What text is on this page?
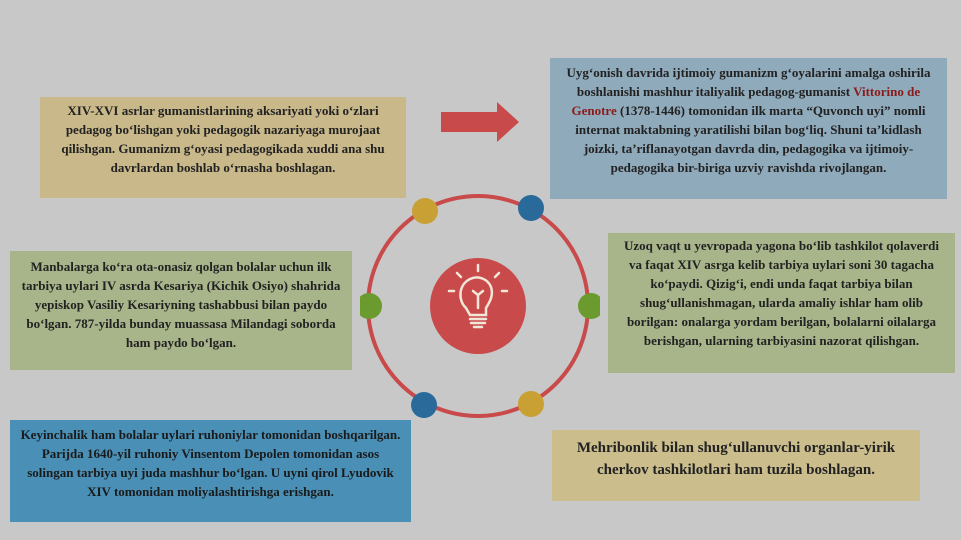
XIV-XVI asrlar gumanistlarining aksariyati yoki o‘zlari pedagog bo‘lishgan yoki pedagogik nazariyaga murojaat qilishgan. Gumanizm g‘oyasi pedagogikada xuddi ana shu davrlardan boshlab o‘rnasha boshlagan.
Uyg‘onish davrida ijtimoiy gumanizm g‘oyalarini amalga oshirila boshlanishi mashhur italiyalik pedagog-gumanist Vittorino de Genotre (1378-1446) tomonidan ilk marta “Quvonch uyi” nomli internat maktabning yaratilishi bilan bog‘liq. Shuni ta’kidlash joizki, ta’riflanayotgan davrda din, pedagogika va ijtimoiy-pedagogika bir-biriga uzviy ravishda rivojlangan.
Manbalarga ko‘ra ota-onasiz qolgan bolalar uchun ilk tarbiya uylari IV asrda Kesariya (Kichik Osiyo) shahrida yepiskop Vasiliy Kesariyning tashabbusi bilan paydo bo‘lgan. 787-yilda bunday muassasa Milandagi soborda ham paydo bo‘lgan.
Uzoq vaqt u yevropada yagona bo‘lib tashkilot qolaverdi va faqat XIV asrga kelib tarbiya uylari soni 30 tagacha ko‘paydi. Qizig‘i, endi unda faqat tarbiya bilan shug‘ullanishmagan, ularda amaliy ishlar ham olib borilgan: onalarga yordam berilgan, bolalarni oilalarga berishgan, ularning tarbiyasini nazorat qilishgan.
Keyinchalik ham bolalar uylari ruhoniylar tomonidan boshqarilgan. Parijda 1640-yil ruhoniy Vinsentom Depolen tomonidan asos solingan tarbiya uyi juda mashhur bo‘lgan. U uyni qirol Lyudovik XIV tomonidan moliyalashtirishga erishgan.
Mehribonlik bilan shug‘ullanuvchi organlar-yirik cherkov tashkilotlari ham tuzila boshlagan.
